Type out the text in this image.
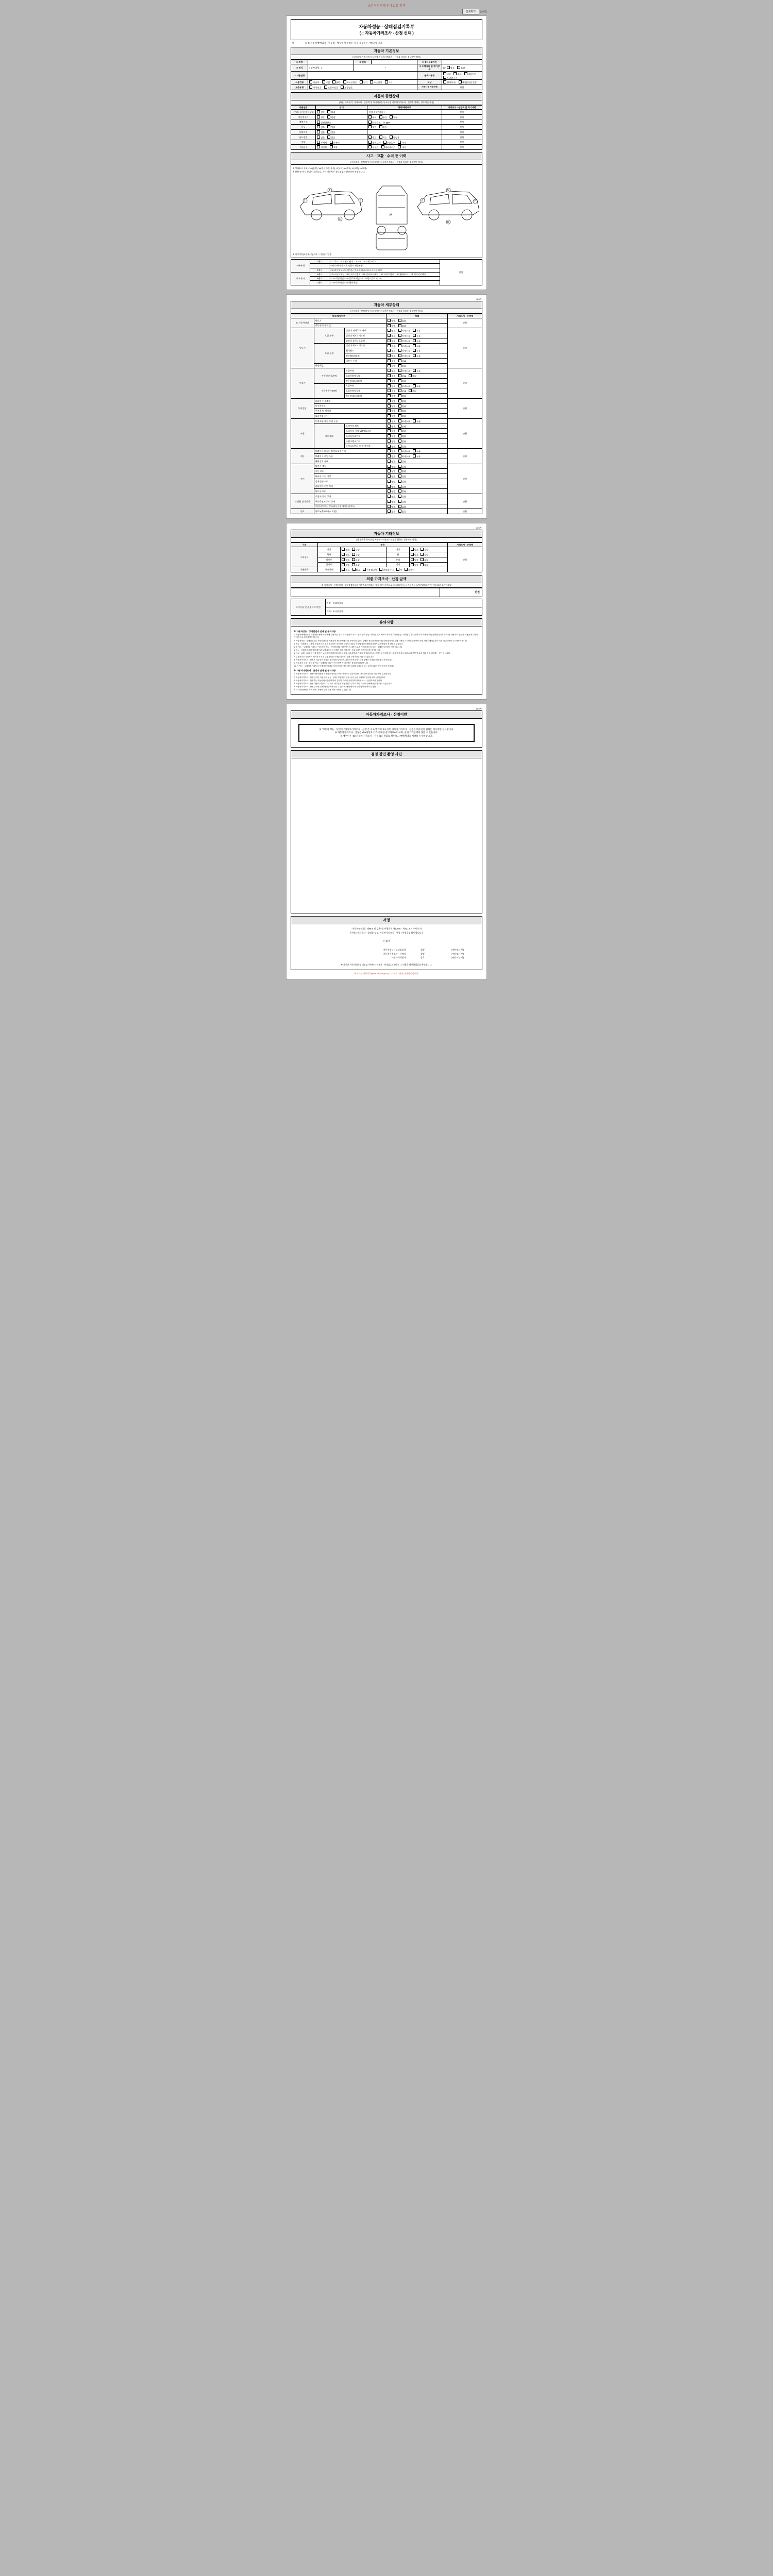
초간이외면제 안내없음 검색
인쇄하기 (1/4쪽)
자동차성능 · 상태점검기록부
( □ 자동차가격조사 · 산정 선택 )
제	호 ※ 자동차매매업자 · 성능점 · 매수인에 원하는 경우 제공하는 서비스입니다.
자동차 기본정보
(가격조사 기준가격 동시산정 자동차가격조사 · 산정을 원하는 경우에만 작성)
① 차명		② 연식		④ 검사유효기간	~
③ 연식	( 삼차대형 : )	~		⑤ 주행거리 및 계기상태	km 양호 불량
⑦ 사용연료				변속기종류	자동 수동 세미오토 무단변속기
사용연료	가솔린 디젤 LPG 하이브리드 전기 수소전지 기타			색상	원색/투톤 색상(투톤) 변경
보증유형	자가보증 보험사보증 보증없음			가격산정 기준가액	만원
자동차 종합상태
(외관, 주요골격, 가격조사 · 산정액 및 특기사항을 동시산정 자동차가격조사 · 산정을 원하는 경우에만 작성)
사용연료	상태	항목/해당여부	가격조사 · 산정액 및 특기사항
수밀/누유 및 작동상태	양호 불량	현재 주행거리 ( )	만원
자동변속기	양호 불량	부식 판금 적정	만원
배출가스	일산화탄소	탄화수소 % ppm	만원
튜닝	없음 있음	적법 불법	만원
특별이력	없음 있음		만원
용도변경	없음 있음	렌트 리스 영업용	만원
색상	무채색 유채색	전체도색 부분도색 기타	만원
주요옵션	미장착 장착	선루프 내비게이션 기타	만원
사고 · 교환 · 수리 등 이력
(가격조사 · 산정액 및 특기사항은 자동차가격조사 · 산정을 원하는 경우에만 작성)
※ 상태표시 부호 : 've'(용접), W(판금 또는 용접), C(부식), A(사고), X(교환), U(요철)
※ 판단 및 부식 상태가 기준으로, 기타 자동차는 성능점검자 판단하여 작성합니다.
M
1
2	3
4
5
6	7
8
※ 사고이력(또는유/무) 여부 : □ 없음 □ 있음
외판부위	1랭크	□ 1.후드 □ 2.프론트펜더 □ 3.도어 □ 4.트렁크리드	만원
		5.라디에이터 서포트(볼트체결부품)	
	2랭크	□ 6.쿼터패널(리어펜더) □ 7.루프패널 □ 8.사이드실 패널	
주요골격	A랭크	□ 9.프론트패널 □ 10.크로스멤버 □ 11.인사이드패널 □ 12.사이드멤버 □ 13.휠하우스 □ 14.패키지트레이	
	B랭크	□ 15.대쉬패널 □ 16.플로어패널 □ 17.트렁크플로어 □ A,	
	C랭크	□ 18.리어패널 □ 19.필러패널	
(1/4쪽)
자동차 세부상태
(가격조사 · 산정액 및 특기사항은 자동차가격조사 · 산정을 원하는 경우에만 작성)
항목/해당여부			상태	가격조사 · 산정액
① 자동차상태	원동기		양호 불량	만원
	작동상태(공회전)		양호 불량	
원동기	오일 누유	실린더 커버/로커 커버	없음 미세누유 누유	만원
		실린더 헤드 / 개스킷	없음 미세누유 누유	
		실린더 블록 / 오일팬	없음 미세누유 누유	
	오일 유량	실린더 헤드 / 개스킷	없음 미세누유 누유	
		워터펌프	없음 미세누유 누유	
		진단(DC/DC컨)	없음 미세누유 누유	
		냉각수 수량	적정 부족	
	커먼레일		양호 불량	
변속기	자동변속기(A/T)	오일누유	없음 미세누유 누유	만원
		오일유량및상태	적정 부족 과다	
		작동상태(공회전)	양호 불량	
	수동변속기(M/T)	오일누유	없음 미세누유 누유	
		오일유량및상태	적정 부족 과다	
		작동상태(공회전)	양호 불량	
동력전달	클러치 어셈블리		양호 불량	만원
	등속조인트		양호 불량	
	추진축 및 베어링		양호 불량	
	디퍼렌셜 기어		양호 불량	
조향	동력조향 작동 오일 누유		없음 미세누유 누유	만원
	작동상태	스티어링 펌프	양호 불량	
		스티어링 기어(MDPS포함)	양호 불량	
		스티어링조인트	양호 불량	
		파워크랭크기어	양호 불량	
		타이로드엔드 및 볼 조인트	양호 불량	
제동	브레이크 마스터 실린더오일 누유		없음 미세누유 누유	만원
	브레이크 오일 누유		없음 미세누유 누유	
	배력장치 상태		양호 불량	
전기	발전기 출력		양호 불량	만원
	시동 모터		양호 불량	
	와이퍼 기능 이상		양호 불량	
	실내송풍 모터		양호 불량	
	라디에이터 팬 모터		양호 불량	
	윈도우 모터		양호 불량	
고전원 전기장치	충전구 절연 상태		양호 불량	만원
	구동축전지 격리 상태		양호 불량	
	고전원전기배선 상태(피복,손상,케이블 커넥터)		양호 불량	
연료	연료누출(LP가스 포함)		없음 있음	만원
(1/4쪽)
자동차 기타정보
(타 항목은 동시산정 자동차가격조사 · 산정을 원하는 경우에만 작성)
구분	항목				가격조사 · 산정액
수리필요	외장	양호 불량	내장	양호 불량	만원
	광택	양호 불량	휠	양호 불량	
	타이어	양호 불량	유리	양호 불량	
	룸미러	양호 불량	기타	양호 불량	
기본품목	보유상태	있음 없음 사용설명서 안전삼각대 잭 스패너			
최종 가격조사 · 산정 금액
※ 가격조사 · 산정가격은 성능점검항목의 자동차조기격을 산정감 평가 기준으로 ( □ 기술사용 ) □ 자동차등록(인)정보(평가)인 기준으로 평가한것임
	만원
특기사항 및 점검자의 의견	차량 · 상태점검자
가격 · 조사산정자
유의사항
※ 자동차성능 · 상태점검자 안내 및 유의사항

1. 자동차매매업자는 자동차를 매매 또는 매매 알선하는 경우 그 자동차의 구조 · 장치 등의 성능 · 상태를 별지 제82호서식의 자동차성능 · 상태점검기록부(이하 이 조에서 "성능상태점검기록부"라 한다)에 따라 점검한 내용을 매수인에게 서면으로 고지하여야 합니다.

2. 자동차성능 · 상태점검자는 자동차관리법 시행규칙 제120조에 따라 자동차의 성능 · 상태를 점검한 내용을 성능상태점검기록부에 기재하고 기명날인하여야 하며, 자동차매매업자는 이를 매수인에게 교부하여야 합니다.

3. 성능 · 상태점검 내용이 사실과 다른 경우 매수인은 자동차인도일부터 30일 이내에 자동차매매업자에게 손해배상을 청구할 수 있습니다.

4. 본 성능 · 상태점검기록부는 자동차의 성능 · 상태에 대한 점검 당시의 내용으로서 이후의 자동차 성능 · 상태를 보증하는 것은 아닙니다.

5. 성능 · 상태점검자의 점검 내용과 실제 자동차의 상태가 다른 경우에는 보험사업자 등이 보상을 실시합니다.

6. 사고 · 교환 · 수리 등 이력 확인은 보험사고 이력정보(자동차보험 처리내역)을 기초로 작성되었으며, 보험사고 이력정보는 사고 당시 자동차의 수리 여부 및 수리 범위 등을 의미하는 것은 아닙니다.

7. 주행거리는 자동차의 계기상 표시된 주행거리를 기재한 것이며, 실제 주행거리와 다를 수 있습니다.

8. 자동차가격조사 · 산정은 매수인이 원하는 경우에만 실시하며, 자동차가격조사 · 산정 금액은 거래를 위한 참고 가격입니다.

9. 자동차의 구조 · 장치 중 성능 · 상태점검 대상이 아닌 항목에 대하여는 점검하지 않았습니다.

10. 이 성능 · 상태점검기록부의 기재 내용에 대한 이의가 있는 경우 자동차매매사업조합 또는 관련 기관에 문의하시기 바랍니다.

※ 자동차가격조사 · 산정자 안내 및 유의사항

1. 자동차가격조사 · 산정이란 매매용 자동차의 가격을 조사 · 산정하는 것을 말하며, 매수인이 원하는 경우에만 실시합니다.

2. 자동차가격조사 · 산정 금액은 자동차의 성능 · 상태, 주행거리, 연식, 옵션 등을 고려하여 산정한 참고 금액입니다.

3. 자동차가격조사 · 산정자는 자동차관리법령에 따라 등록된 자로서 공정하게 가격을 조사 · 산정하여야 합니다.

4. 자동차가격조사 · 산정 내용이 사실과 다른 경우 매수인은 자동차인도일부터 30일 이내에 손해배상을 청구할 수 있습니다.

5. 자동차가격조사 · 산정 금액은 실제 매매금액과 다를 수 있으며, 매매 당사자 간의 합의에 따라 결정됩니다.

6. 특기사항란에는 가격조사 · 산정에 관한 내용 외에 기재할 수 없습니다.

(1/4쪽)
자동차가격조사 · 산정이란
※ "자동차 성능 · 상태"와 "자동차가격조사 · 산정"은 서로 별개의 제도이며 자동차가격조사 · 산정은 매수인이 원하는 경우에만 실시합니다.
※ 자동차가격조사 · 산정은 <b>자동차 가격에 대한 참고자료</b>이며, 실제 거래금액과 다를 수 있습니다.
※ 매수인은 <b>자동차 가격조사 · 산정</b> 결과를 확인하고 매매계약을 체결하시기 바랍니다.
검점 장면 촬영 사진
서명
"자동차관리법", 제58조 및 같은 법 시행규칙 제120조 · 제121조기재에 의거
(구매고객자동차 · 상태를 검검, 자동차가격조사 · 산정 I 이행증립 확인합니다.)
년 월 일
자동차성능 · 상태점검자	성명	(서명 또는 인)
자동차가격조사 · 산정자	성명	(서명 또는 인)
자동차매매업자	상호	(서명 또는 인)
※ 자신은 자동차성능상태점검기록부(가격조사 · 산정)을 교부받고 그 내용을 확인하였음을 확인합니다.
※ 차가인 자동차의(www.car365.go.kr) 가격조사 · 산정 안내에 따릅니다.
